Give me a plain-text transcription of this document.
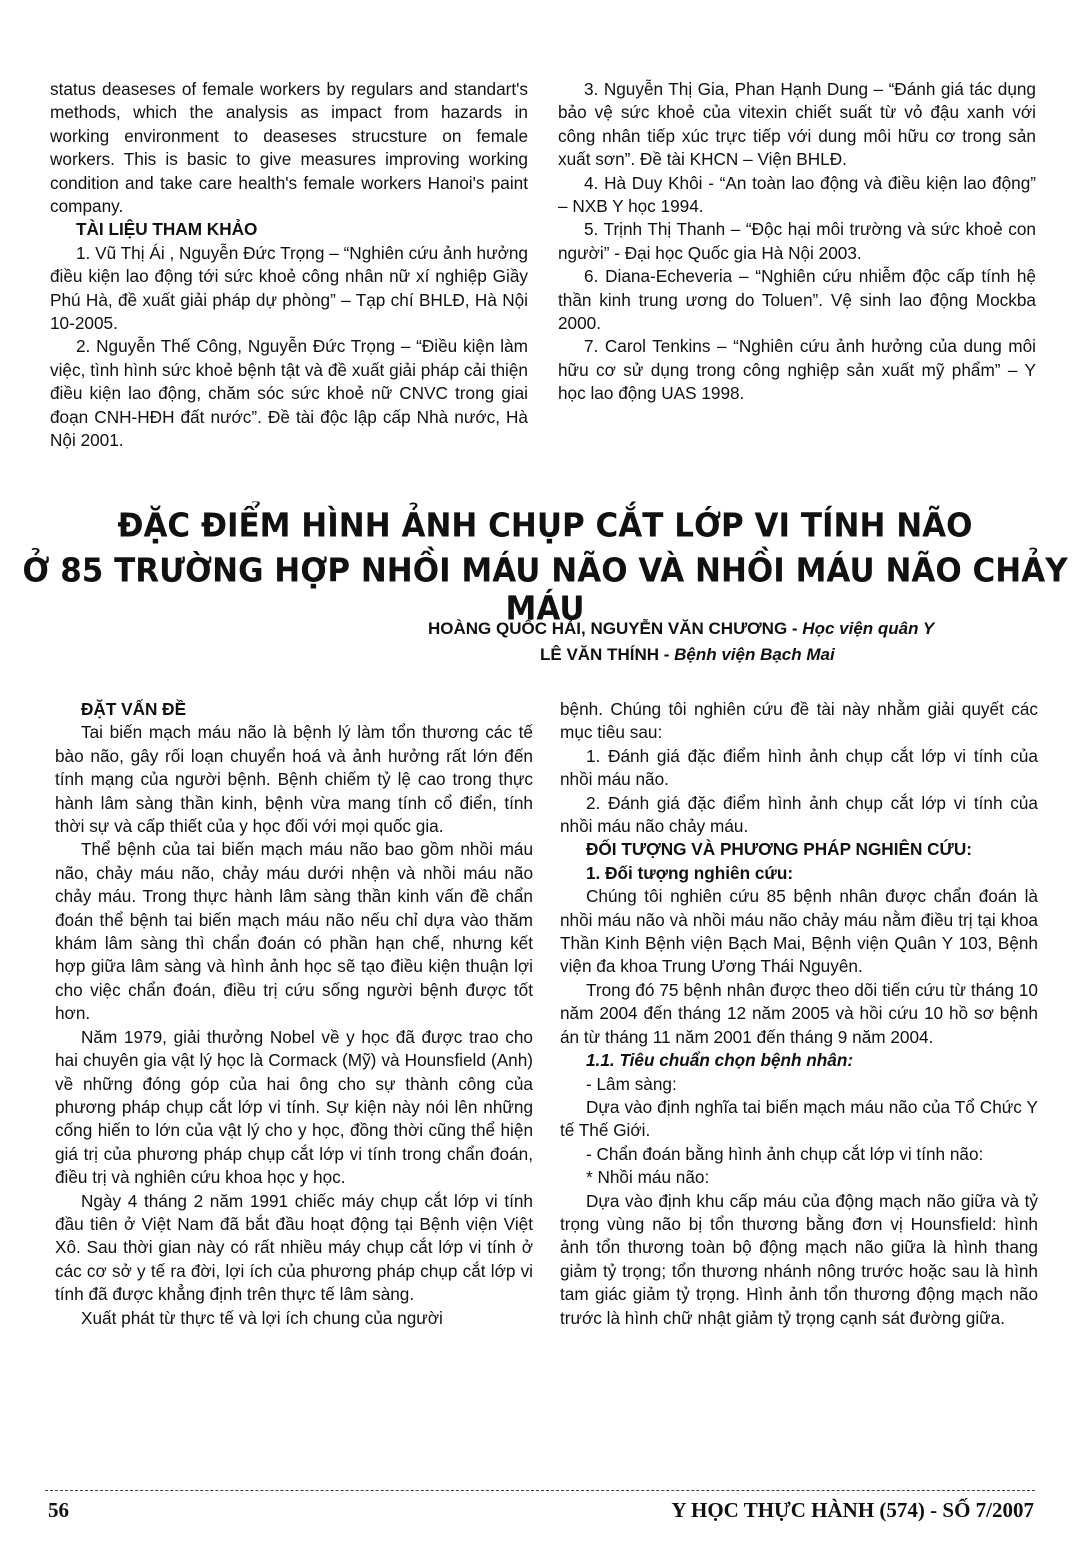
status deaseses of female workers by regulars and standart's methods, which the analysis as impact from hazards in working environment to deaseses strucsture on female workers. This is basic to give measures improving working condition and take care health's female workers Hanoi's paint company.

TÀI LIỆU THAM KHẢO

1. Vũ Thị Ái , Nguyễn Đức Trọng – “Nghiên cứu ảnh hưởng điều kiện lao động tới sức khoẻ công nhân nữ xí nghiệp Giầy Phú Hà, đề xuất giải pháp dự phòng” – Tạp chí BHLĐ, Hà Nội 10-2005.

2. Nguyễn Thế Công, Nguyễn Đức Trọng – “Điều kiện làm việc, tình hình sức khoẻ bệnh tật và đề xuất giải pháp cải thiện điều kiện lao động, chăm sóc sức khoẻ nữ CNVC trong giai đoạn CNH-HĐH đất nước”. Đề tài độc lập cấp Nhà nước, Hà Nội 2001.

3. Nguyễn Thị Gia, Phan Hạnh Dung – “Đánh giá tác dụng bảo vệ sức khoẻ của vitexin chiết suất từ vỏ đậu xanh với công nhân tiếp xúc trực tiếp với dung môi hữu cơ trong sản xuất sơn”. Đề tài KHCN – Viện BHLĐ.

4. Hà Duy Khôi - “An toàn lao động và điều kiện lao động” – NXB Y học 1994.

5. Trịnh Thị Thanh – “Độc hại môi trường và sức khoẻ con người” - Đại học Quốc gia Hà Nội 2003.

6. Diana-Echeveria – “Nghiên cứu nhiễm độc cấp tính hệ thần kinh trung ương do Toluen”. Vệ sinh lao động Mockba 2000.

7. Carol Tenkins – “Nghiên cứu ảnh hưởng của dung môi hữu cơ sử dụng trong công nghiệp sản xuất mỹ phẩm” – Y học lao động UAS 1998.

ĐẶC ĐIỂM HÌNH ẢNH CHỤP CẮT LỚP VI TÍNH NÃO
Ở 85 TRƯỜNG HỢP NHỒI MÁU NÃO VÀ NHỒI MÁU NÃO CHẢY MÁU
HOÀNG QUỐC HẢI, NGUYỄN VĂN CHƯƠNG - Học viện quân Y
LÊ VĂN THÍNH - Bệnh viện Bạch Mai

ĐẶT VẤN ĐỀ

Tai biến mạch máu não là bệnh lý làm tổn thương các tế bào não, gây rối loạn chuyển hoá và ảnh hưởng rất lớn đến tính mạng của người bệnh. Bệnh chiếm tỷ lệ cao trong thực hành lâm sàng thần kinh, bệnh vừa mang tính cổ điển, tính thời sự và cấp thiết của y học đối với mọi quốc gia.

Thể bệnh của tai biến mạch máu não bao gồm nhồi máu não, chảy máu não, chảy máu dưới nhện và nhồi máu não chảy máu. Trong thực hành lâm sàng thần kinh vấn đề chẩn đoán thể bệnh tai biến mạch máu não nếu chỉ dựa vào thăm khám lâm sàng thì chẩn đoán có phần hạn chế, nhưng kết hợp giữa lâm sàng và hình ảnh học sẽ tạo điều kiện thuận lợi cho việc chẩn đoán, điều trị cứu sống người bệnh được tốt hơn.

Năm 1979, giải thưởng Nobel về y học đã được trao cho hai chuyên gia vật lý học là Cormack (Mỹ) và Hounsfield (Anh) về những đóng góp của hai ông cho sự thành công của phương pháp chụp cắt lớp vi tính. Sự kiện này nói lên những cống hiến to lớn của vật lý cho y học, đồng thời cũng thể hiện giá trị của phương pháp chụp cắt lớp vi tính trong chẩn đoán, điều trị và nghiên cứu khoa học y học.

Ngày 4 tháng 2 năm 1991 chiếc máy chụp cắt lớp vi tính đầu tiên ở Việt Nam đã bắt đầu hoạt động tại Bệnh viện Việt Xô. Sau thời gian này có rất nhiều máy chụp cắt lớp vi tính ở các cơ sở y tế ra đời, lợi ích của phương pháp chụp cắt lớp vi tính đã được khẳng định trên thực tế lâm sàng.

Xuất phát từ thực tế và lợi ích chung của người

bệnh. Chúng tôi nghiên cứu đề tài này nhằm giải quyết các mục tiêu sau:

1. Đánh giá đặc điểm hình ảnh chụp cắt lớp vi tính của nhồi máu não.

2. Đánh giá đặc điểm hình ảnh chụp cắt lớp vi tính của nhồi máu não chảy máu.

ĐỐI TƯỢNG VÀ PHƯƠNG PHÁP NGHIÊN CỨU:

1. Đối tượng nghiên cứu:

Chúng tôi nghiên cứu 85 bệnh nhân được chẩn đoán là nhồi máu não và nhồi máu não chảy máu nằm điều trị tại khoa Thần Kinh Bệnh viện Bạch Mai, Bệnh viện Quân Y 103, Bệnh viện đa khoa Trung Ương Thái Nguyên.

Trong đó 75 bệnh nhân được theo dõi tiến cứu từ tháng 10 năm 2004 đến tháng 12 năm 2005 và hồi cứu 10 hồ sơ bệnh án từ tháng 11 năm 2001 đến tháng 9 năm 2004.

1.1. Tiêu chuẩn chọn bệnh nhân:

- Lâm sàng:

Dựa vào định nghĩa tai biến mạch máu não của Tổ Chức Y tế Thế Giới.

- Chẩn đoán bằng hình ảnh chụp cắt lớp vi tính não:

* Nhồi máu não:

Dựa vào định khu cấp máu của động mạch não giữa và tỷ trọng vùng não bị tổn thương bằng đơn vị Hounsfield: hình ảnh tổn thương toàn bộ động mạch não giữa là hình thang giảm tỷ trọng; tổn thương nhánh nông trước hoặc sau là hình tam giác giảm tỷ trọng. Hình ảnh tổn thương động mạch não trước là hình chữ nhật giảm tỷ trọng cạnh sát đường giữa.

56	Y HỌC THỰC HÀNH (574) - SỐ 7/2007
